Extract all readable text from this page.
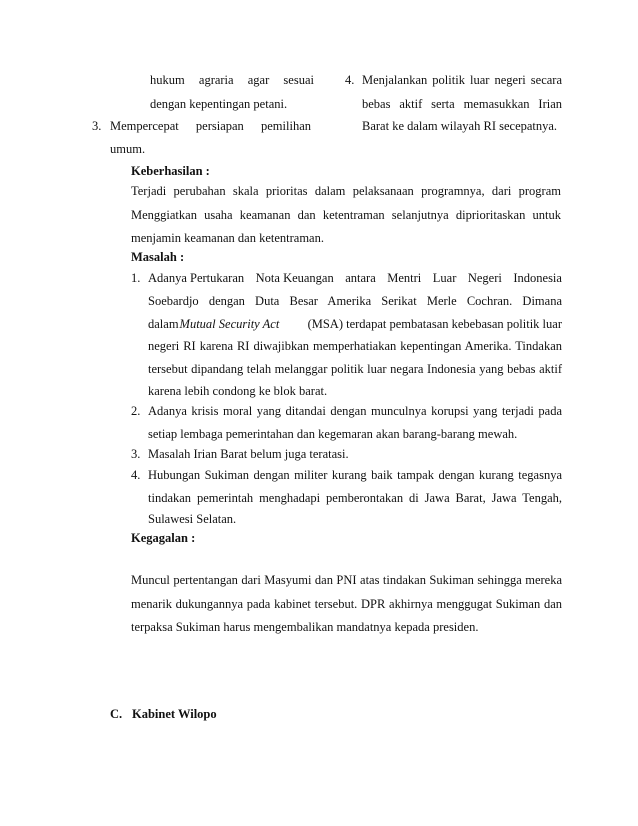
hukum agraria agar sesuai
dengan kepentingan petani.
3. Mempercepat persiapan pemilihan
umum.
4. Menjalankan politik luar negeri secara
bebas aktif serta memasukkan Irian
Barat ke dalam wilayah RI secepatnya.
Keberhasilan :
Terjadi perubahan skala prioritas dalam pelaksanaan programnya, dari program
Menggiatkan usaha keamanan dan ketentraman selanjutnya diprioritaskan untuk
menjamin keamanan dan ketentraman.
Masalah :
1. Adanya Pertukaran Nota Keuangan antara Mentri Luar Negeri Indonesia
Soebardjo dengan Duta Besar Amerika Serikat Merle Cochran. Dimana
dalamMutual Security Act (MSA) terdapat pembatasan kebebasan politik luar
negeri RI karena RI diwajibkan memperhatiakan kepentingan Amerika. Tindakan
tersebut dipandang telah melanggar politik luar negara Indonesia yang bebas aktif
karena lebih condong ke blok barat.
2. Adanya krisis moral yang ditandai dengan munculnya korupsi yang terjadi pada
setiap lembaga pemerintahan dan kegemaran akan barang-barang mewah.
3. Masalah Irian Barat belum juga teratasi.
4. Hubungan Sukiman dengan militer kurang baik tampak dengan kurang tegasnya
tindakan pemerintah menghadapi pemberontakan di Jawa Barat, Jawa Tengah,
Sulawesi Selatan.
Kegagalan :
Muncul pertentangan dari Masyumi dan PNI atas tindakan Sukiman sehingga mereka
menarik dukungannya pada kabinet tersebut. DPR akhirnya menggugat Sukiman dan
terpaksa Sukiman harus mengembalikan mandatnya kepada presiden.
C. Kabinet Wilopo
